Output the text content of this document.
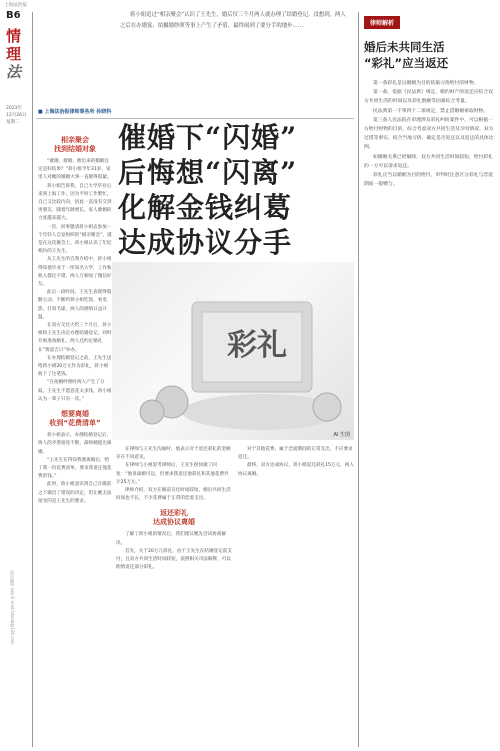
上海法治报
B6
情
理
法
2023年
12月26日
星期二
责任编辑 金勇 E-mail:fzbzsb@126.com
蒋小姐追过“相亲聚会”认识了王先生，婚后仅三个月两人就办理了结婚登记。没想到，两人之后在办婚宴、拍摄婚纱照等事上产生了矛盾，最终闹到了要分手的地步……
■ 上海法治报律师事务所 孙晓科
催婚下“闪婚”
后悔想“闪离”
化解金钱纠葛
达成协议分手
彩礼
AI 生图
相亲聚会
找到结婚对象

“催婚、催婚，催出来的婚姻注定是好结果？”蒋小姐今年31岁，家里人对她的婚姻大事一直催得很紧。

蒋小姐告诉我，自己大学毕业后来到上海工作，因为平时工作繁忙，自己又比较内向，因此一直没有交到男朋友。随着年龄增长，家人催婚的力度越来越大。

一次，同事邀请蒋小姐去参加一个年轻人自发组织的“相亲聚会”，就是在这次聚会上，蒋小姐认识了年纪相仿的王先生。

从王先生的自我介绍中，蒋小姐得知他毕业于一所知名大学，工作和收入都还不错，两人互相加了微信好友。

此后一段时间，王先生表现得殷勤主动，不断约蒋小姐吃饭、看电影，打羽毛球，两人的感情日益升温。

在双方交往大约三个月后，蒋小姐和王先生决定办理结婚登记，同时开始准备婚礼，两人还约定婚礼在“黄道吉日”举办。

在办理结婚登记之前，王先生送给蒋小姐20万元作为彩礼，蒋小姐收下了这笔钱。

“在拍婚纱照时两人产生了分歧，王先生不愿意花太多钱，蒋小姐认为一辈子只有一次。”

想要离婚
收到“花费清单”

蒋小姐表示，办理结婚登记后，两人的矛盾接连不断，最终她提出离婚。

“王先生在得知我要离婚后，给了我一份花费清单，要求我退还他花费的钱。”

此时，蒋小姐意识到自己在婚前之下做出了错误的决定，但让她无法接受的是王先生的要求。

在律师与王先生沟通时，他表示对于退还彩礼的金额存在不同意见。

在律师与小姐思考律师后，王先生很快做了回复：“他说离婚可以，但要求我返还他彩礼和其他花费共计25万元。”

律师介绍，双方在婚前交往时间较短，婚后共同生活时间也不长，不少花费属于正常的恋爱支出。

返还彩礼
达成协议离婚

了解了蒋小姐的情况后，我们建议她先尝试协商解决。

首先，关于20万元彩礼，由于王先生在结婚登记前支付，且双方共同生活时间较短，依照相关司法解释，可以酌情返还部分彩礼。

对于其他花费，属于恋爱期间的正常支出，不应要求返还。

最终，双方达成协议，蒋小姐返还彩礼15万元，两人协议离婚。

律师解析
婚后未共同生活
“彩礼”应当返还

第一条彩礼是以婚姻为目的依据习俗给付的财物。

第一条，依据《民法典》规定，婚约财产的返还应结合双方共同生活的时间以及彩礼数额等因素综合考量。

民法典第一千零四十二条规定，禁止借婚姻索取财物。

第三条人民法院在审理涉及彩礼纠纷案件中，可以根据一方给付财物的目的、综合考虑双方共同生活及孕育情况、双方过错等事实，结合当地习俗，确定是否返还以及返还的具体比例。

如婚姻关系已经解除，双方共同生活时间较短，给付彩礼的一方可以请求返还。

彩礼应当以婚姻为目的给付，审判时注意区分彩礼与恋爱期间一般赠与。
